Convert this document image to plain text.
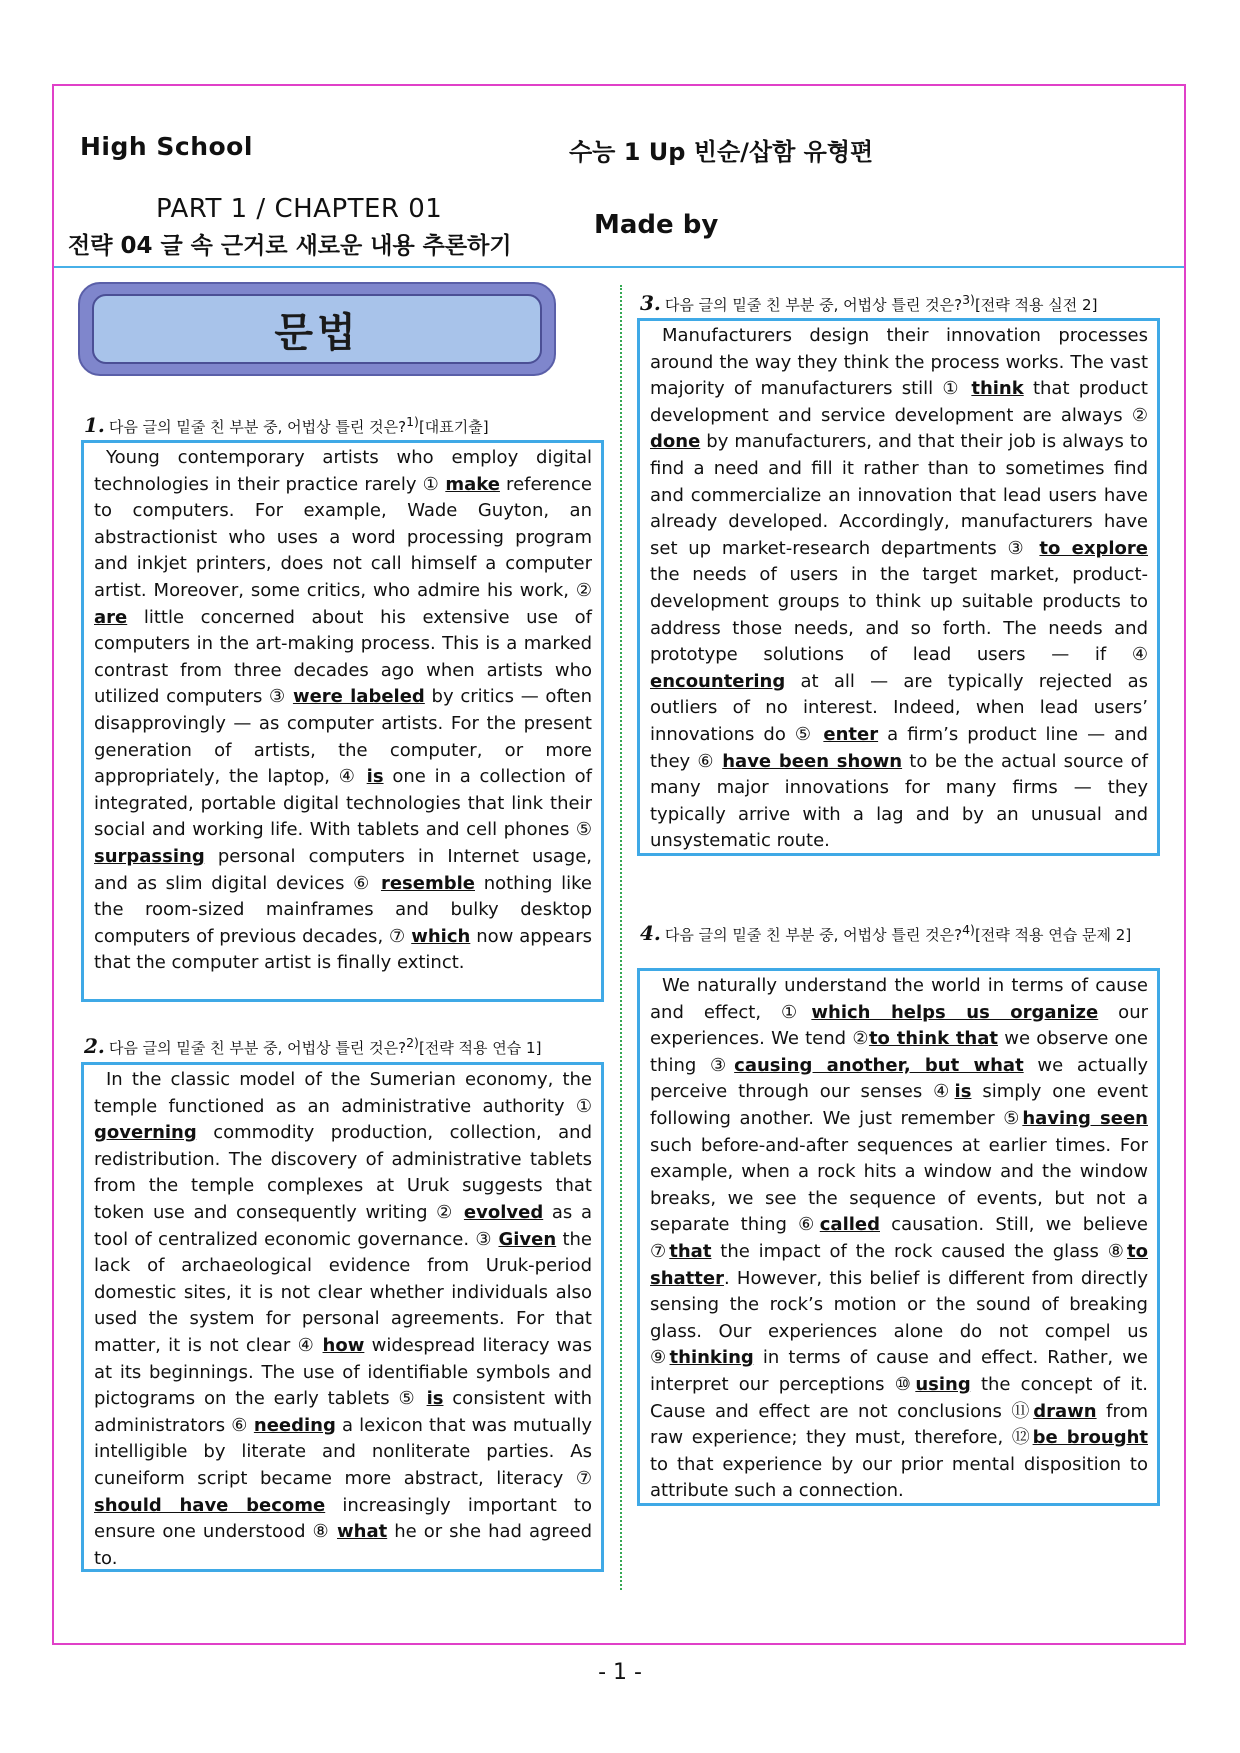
High School	수능 1 Up 빈순/삽함 유형편
PART 1 / CHAPTER 01
전략 04 글 속 근거로 새로운 내용 추론하기
Made by
문법
1. 다음 글의 밑줄 친 부분 중, 어법상 틀린 것은?$^{1)}$[대표기출]

Young contemporary artists who employ digital technologies in their practice rarely ① make reference to computers. For example, Wade Guyton, an abstractionist who uses a word processing program and inkjet printers, does not call himself a computer artist. Moreover, some critics, who admire his work, ② are little concerned about his extensive use of computers in the art-making process. This is a marked contrast from three decades ago when artists who utilized computers ③ were labeled by critics — often disapprovingly — as computer artists. For the present generation of artists, the computer, or more appropriately, the laptop, ④ is one in a collection of integrated, portable digital technologies that link their social and working life. With tablets and cell phones ⑤ surpassing personal computers in Internet usage, and as slim digital devices ⑥ resemble nothing like the room-sized mainframes and bulky desktop computers of previous decades, ⑦ which now appears that the computer artist is finally extinct.

2. 다음 글의 밑줄 친 부분 중, 어법상 틀린 것은?$^{2)}$[전략 적용 연습 1]

In the classic model of the Sumerian economy, the temple functioned as an administrative authority ① governing commodity production, collection, and redistribution. The discovery of administrative tablets from the temple complexes at Uruk suggests that token use and consequently writing ② evolved as a tool of centralized economic governance. ③ Given the lack of archaeological evidence from Uruk-period domestic sites, it is not clear whether individuals also used the system for personal agreements. For that matter, it is not clear ④ how widespread literacy was at its beginnings. The use of identifiable symbols and pictograms on the early tablets ⑤ is consistent with administrators ⑥ needing a lexicon that was mutually intelligible by literate and nonliterate parties. As cuneiform script became more abstract, literacy ⑦ should have become increasingly important to ensure one understood ⑧ what he or she had agreed to.

3. 다음 글의 밑줄 친 부분 중, 어법상 틀린 것은?$^{3)}$[전략 적용 실전 2]

Manufacturers design their innovation processes around the way they think the process works. The vast majority of manufacturers still ① think that product development and service development are always ② done by manufacturers, and that their job is always to find a need and fill it rather than to sometimes find and commercialize an innovation that lead users have already developed. Accordingly, manufacturers have set up market-research departments ③ to explore the needs of users in the target market, product-development groups to think up suitable products to address those needs, and so forth. The needs and prototype solutions of lead users — if ④ encountering at all — are typically rejected as outliers of no interest. Indeed, when lead users’ innovations do ⑤ enter a firm’s product line — and they ⑥ have been shown to be the actual source of many major innovations for many firms — they typically arrive with a lag and by an unusual and unsystematic route.

4. 다음 글의 밑줄 친 부분 중, 어법상 틀린 것은?$^{4)}$[전략 적용 연습 문제 2]

We naturally understand the world in terms of cause and effect, ①which helps us organize our experiences. We tend ②to think that we observe one thing ③causing another, but what we actually perceive through our senses ④is simply one event following another. We just remember ⑤having seen such before-and-after sequences at earlier times. For example, when a rock hits a window and the window breaks, we see the sequence of events, but not a separate thing ⑥called causation. Still, we believe ⑦that the impact of the rock caused the glass ⑧to shatter. However, this belief is different from directly sensing the rock’s motion or the sound of breaking glass. Our experiences alone do not compel us ⑨thinking in terms of cause and effect. Rather, we interpret our perceptions ⑩using the concept of it. Cause and effect are not conclusions ⑪drawn from raw experience; they must, therefore, ⑫be brought to that experience by our prior mental disposition to attribute such a connection.

- 1 -
